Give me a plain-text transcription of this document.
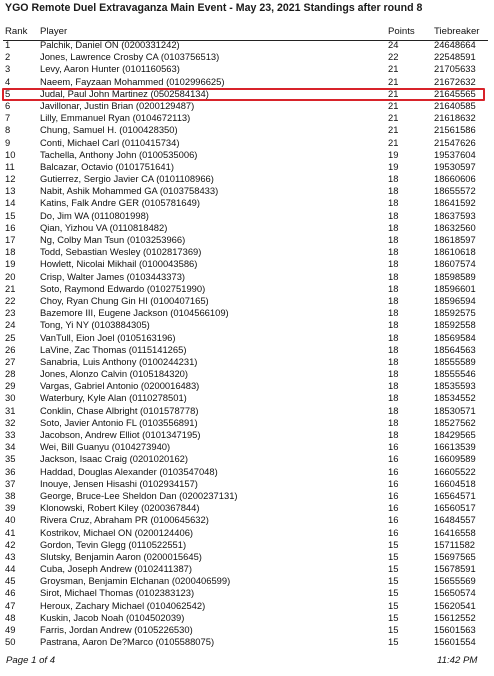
YGO Remote Duel Extravaganza Main Event - May 23, 2021 Standings after round 8
Rank Player	Points Tiebreaker
1	Palchik, Daniel ON (0200331242)	24	24648664
2	Jones, Lawrence Crosby CA (0103756513)	22	22548591
3	Levy, Aaron Hunter (0101160563)	21	21705633
4	Naeem, Fayzaan Mohammed (0102996625)	21	21672632
5	Judal, Paul John Martinez (0502584134)	21	21645565
6	Javillonar, Justin Brian (0200129487)	21	21640585
7	Lilly, Emmanuel Ryan (0104672113)	21	21618632
8	Chung, Samuel H. (0100428350)	21	21561586
9	Conti, Michael Carl (0110415734)	21	21547626
10	Tachella, Anthony John (0100535006)	19	19537604
11	Balcazar, Octavio (0101751641)	19	19530597
12	Gutierrez, Sergio Javier CA (0101108966)	18	18660606
13	Nabit, Ashik Mohammed GA (0103758433)	18	18655572
14	Katins, Falk Andre GER (0105781649)	18	18641592
15	Do, Jim WA (0110801998)	18	18637593
16	Qian, Yizhou VA (0110818482)	18	18632560
17	Ng, Colby Man Tsun (0103253966)	18	18618597
18	Todd, Sebastian Wesley (0102817369)	18	18610618
19	Howlett, Nicolai Mikhail (0100043586)	18	18607574
20	Crisp, Walter James (0103443373)	18	18598589
21	Soto, Raymond Edwardo (0102751990)	18	18596601
22	Choy, Ryan Chung Gin HI (0100407165)	18	18596594
23	Bazemore III, Eugene Jackson (0104566109)	18	18592575
24	Tong, Yi NY (0103884305)	18	18592558
25	VanTull, Eion Joel (0105163196)	18	18569584
26	LaVine, Zac Thomas (0115141265)	18	18564563
27	Sanabria, Luis Anthony (0100244231)	18	18555589
28	Jones, Alonzo Calvin (0105184320)	18	18555546
29	Vargas, Gabriel Antonio (0200016483)	18	18535593
30	Waterbury, Kyle Alan (0110278501)	18	18534552
31	Conklin, Chase Albright (0101578778)	18	18530571
32	Soto, Javier Antonio FL (0103556891)	18	18527562
33	Jacobson, Andrew Elliot (0101347195)	18	18429565
34	Wei, Bill Guanyu (0104273940)	16	16613539
35	Jackson, Isaac Craig (0201020162)	16	16609589
36	Haddad, Douglas Alexander (0103547048)	16	16605522
37	Inouye, Jensen Hisashi (0102934157)	16	16604518
38	George, Bruce-Lee Sheldon Dan (0200237131)	16	16564571
39	Klonowski, Robert Kiley (0200367844)	16	16560517
40	Rivera Cruz, Abraham PR (0100645632)	16	16484557
41	Kostrikov, Michael ON (0200124406)	16	16416558
42	Gordon, Tevin Glegg (0110522551)	15	15711582
43	Slutsky, Benjamin Aaron (0200015645)	15	15697565
44	Cuba, Joseph Andrew (0102411387)	15	15678591
45	Groysman, Benjamin Elchanan (0200406599)	15	15655569
46	Sirot, Michael Thomas (0102383123)	15	15650574
47	Heroux, Zachary Michael (0104062542)	15	15620541
48	Kuskin, Jacob Noah (0104502039)	15	15612552
49	Farris, Jordan Andrew (0105226530)	15	15601563
50	Pastrana, Aaron De?Marco (0105588075)	15	15601554
Page 1 of 4	11:42 PM
